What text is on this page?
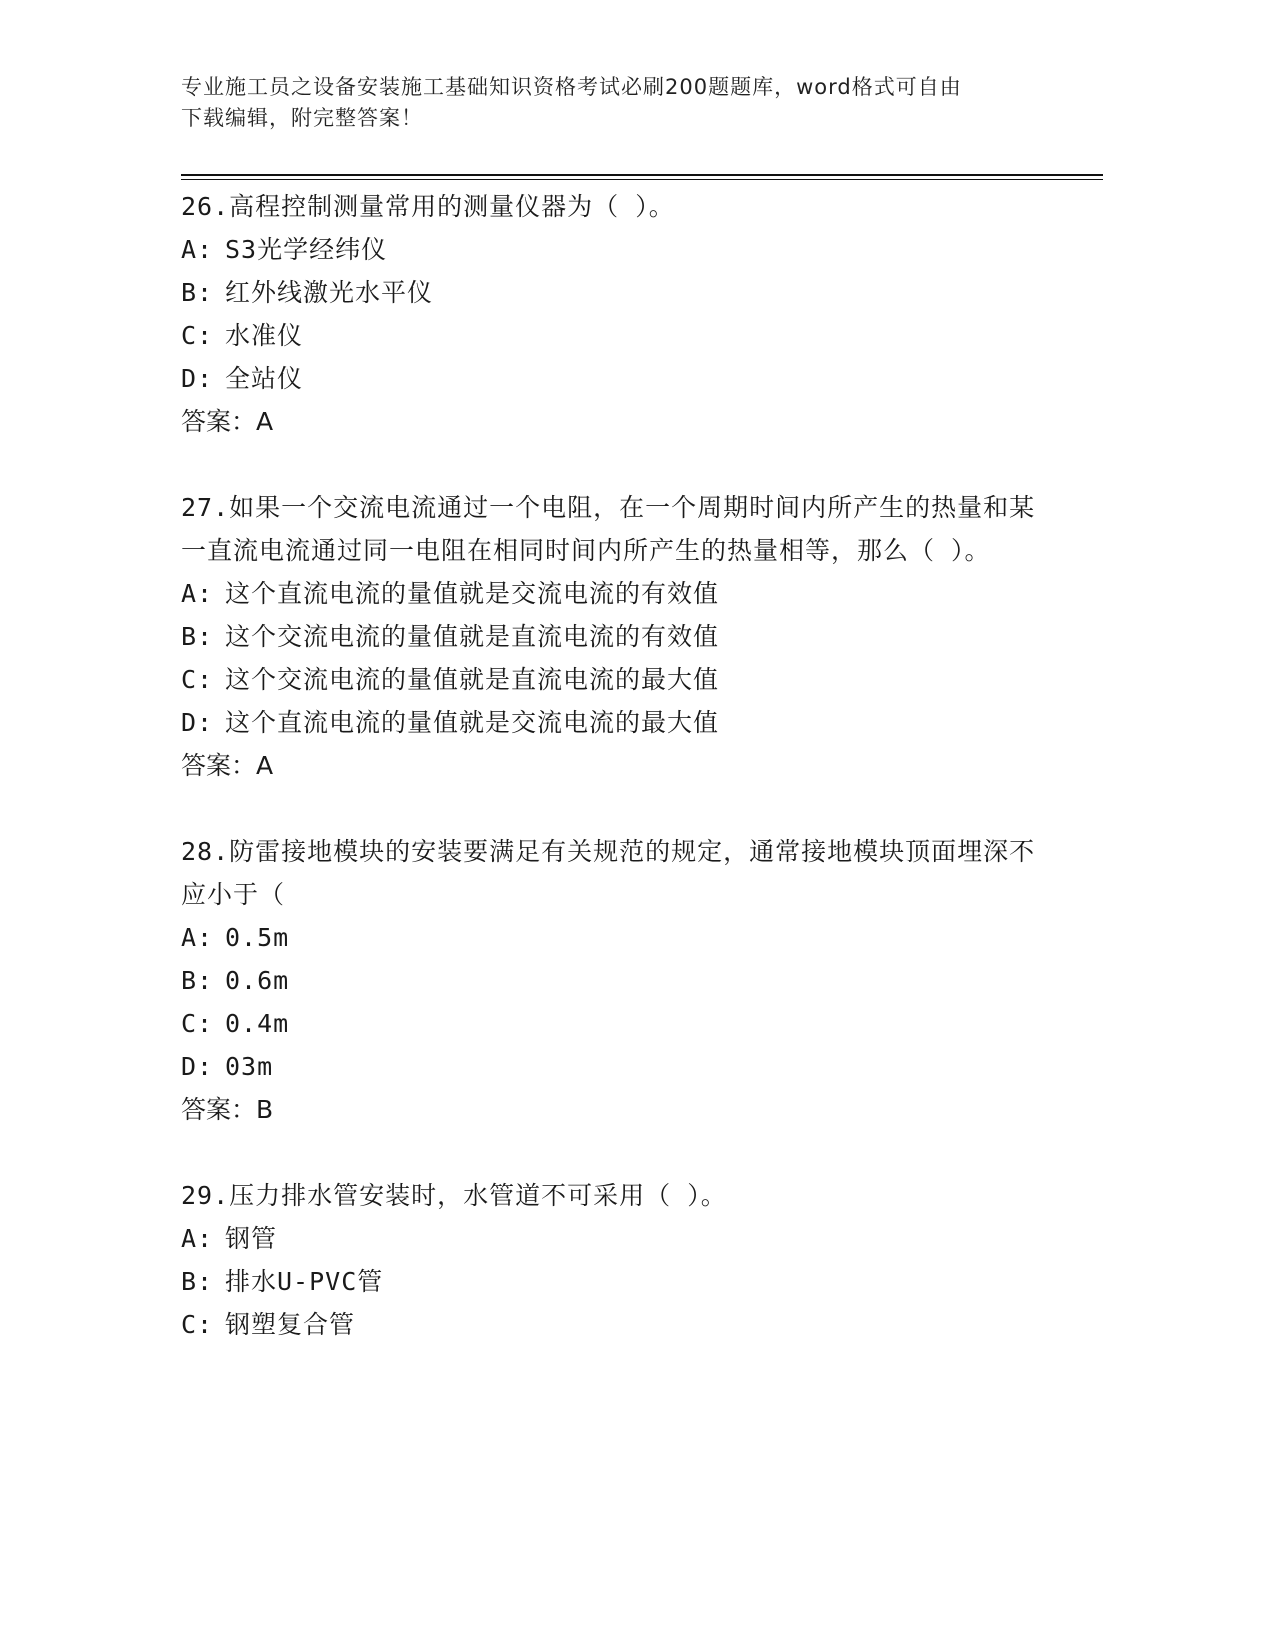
专业施工员之设备安装施工基础知识资格考试必刷200题题库，word格式可自由
下载编辑，附完整答案！
26.高程控制测量常用的测量仪器为（ ）。
A: S3光学经纬仪
B: 红外线激光水平仪
C: 水准仪
D: 全站仪
答案：A
27.如果一个交流电流通过一个电阻，在一个周期时间内所产生的热量和某一直流电流通过同一电阻在相同时间内所产生的热量相等，那么（ ）。
A: 这个直流电流的量值就是交流电流的有效值
B: 这个交流电流的量值就是直流电流的有效值
C: 这个交流电流的量值就是直流电流的最大值
D: 这个直流电流的量值就是交流电流的最大值
答案：A
28.防雷接地模块的安装要满足有关规范的规定，通常接地模块顶面埋深不应小于（
A: 0.5m
B: 0.6m
C: 0.4m
D: 03m
答案：B
29.压力排水管安装时，水管道不可采用（ ）。
A: 钢管
B: 排水U-PVC管
C: 钢塑复合管
